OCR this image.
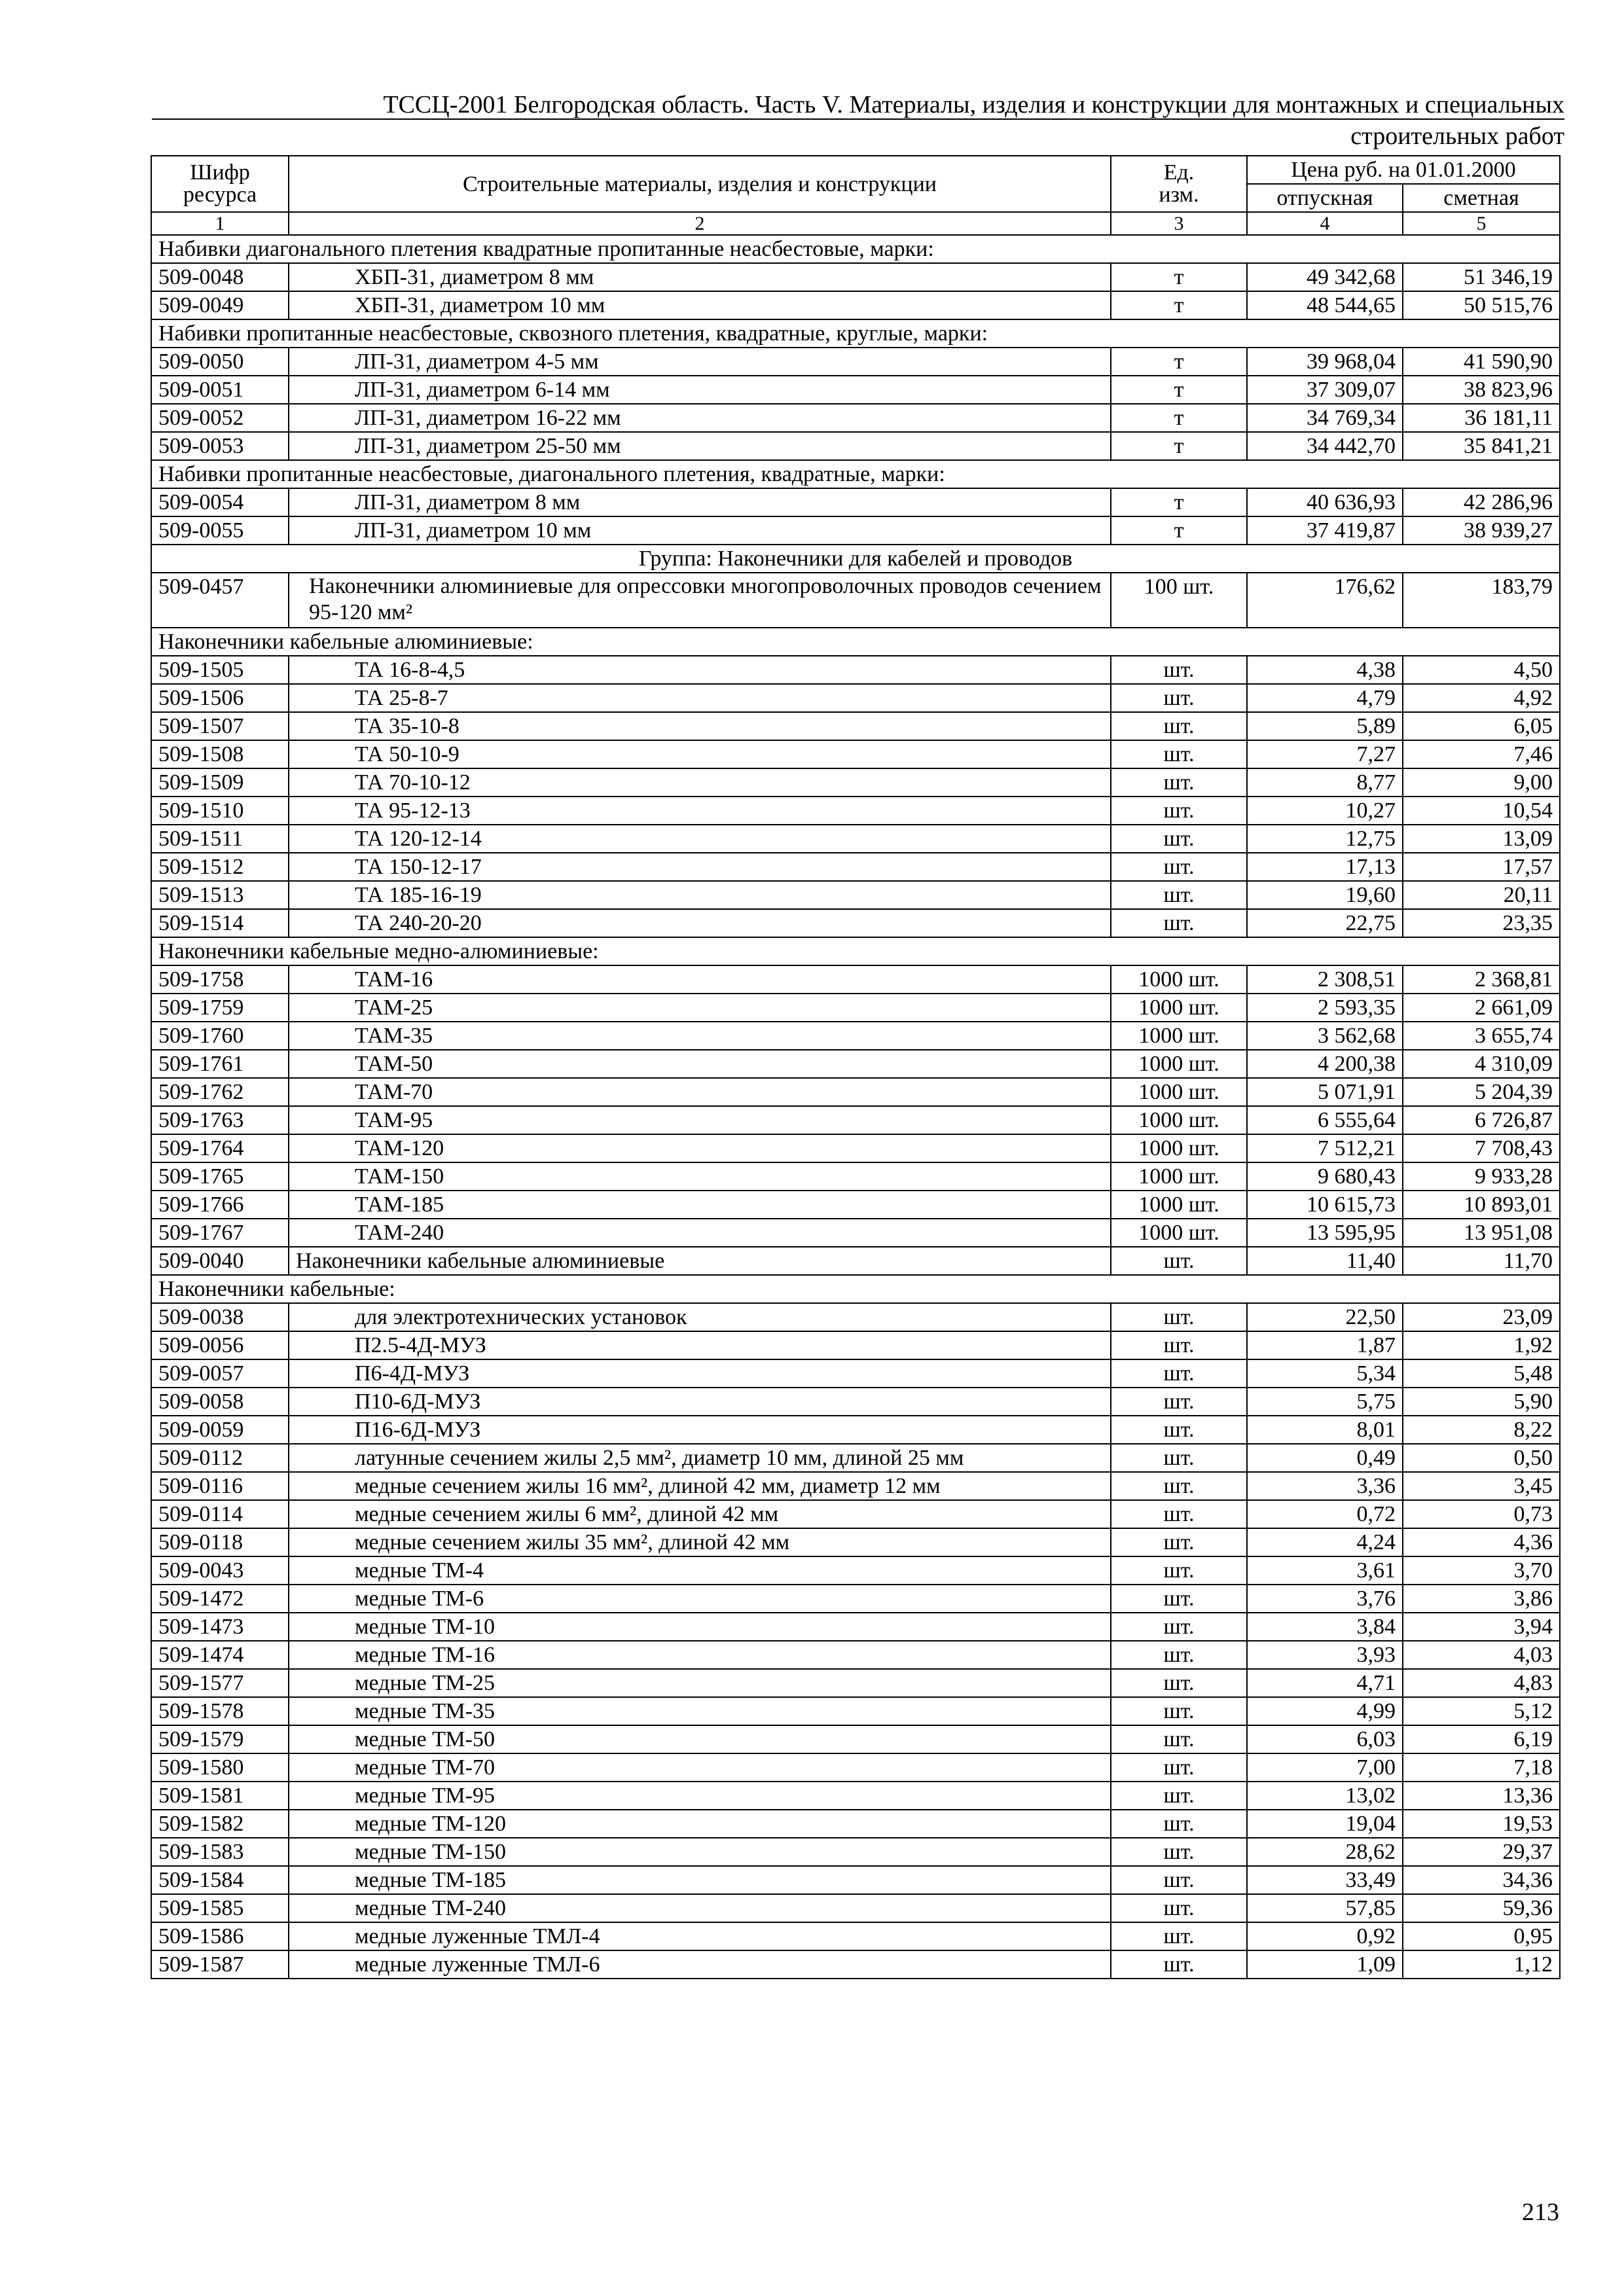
ТССЦ-2001 Белгородская область. Часть V. Материалы, изделия и конструкции для монтажных и специальных
строительных работ
Шифр ресурса	Строительные материалы, изделия и конструкции	Ед. изм.	Цена руб. на 01.01.2000	
			отпускная	сметная
1	2	3	4	5
Набивки диагонального плетения квадратные пропитанные неасбестовые, марки:				
509-0048	ХБП-31, диаметром 8 мм	т	49 342,68	51 346,19
509-0049	ХБП-31, диаметром 10 мм	т	48 544,65	50 515,76
Набивки пропитанные неасбестовые, сквозного плетения, квадратные, круглые, марки:				
509-0050	ЛП-31, диаметром 4-5 мм	т	39 968,04	41 590,90
509-0051	ЛП-31, диаметром 6-14 мм	т	37 309,07	38 823,96
509-0052	ЛП-31, диаметром 16-22 мм	т	34 769,34	36 181,11
509-0053	ЛП-31, диаметром 25-50 мм	т	34 442,70	35 841,21
Набивки пропитанные неасбестовые, диагонального плетения, квадратные, марки:				
509-0054	ЛП-31, диаметром 8 мм	т	40 636,93	42 286,96
509-0055	ЛП-31, диаметром 10 мм	т	37 419,87	38 939,27
Группа: Наконечники для кабелей и проводов				
509-0457	Наконечники алюминиевые для опрессовки многопроволочных проводов сечением 95-120 мм²	100 шт.	176,62	183,79
Наконечники кабельные алюминиевые:				
509-1505	ТА 16-8-4,5	шт.	4,38	4,50
509-1506	ТА 25-8-7	шт.	4,79	4,92
509-1507	ТА 35-10-8	шт.	5,89	6,05
509-1508	ТА 50-10-9	шт.	7,27	7,46
509-1509	ТА 70-10-12	шт.	8,77	9,00
509-1510	ТА 95-12-13	шт.	10,27	10,54
509-1511	ТА 120-12-14	шт.	12,75	13,09
509-1512	ТА 150-12-17	шт.	17,13	17,57
509-1513	ТА 185-16-19	шт.	19,60	20,11
509-1514	ТА 240-20-20	шт.	22,75	23,35
Наконечники кабельные медно-алюминиевые:				
509-1758	ТАМ-16	1000 шт.	2 308,51	2 368,81
509-1759	ТАМ-25	1000 шт.	2 593,35	2 661,09
509-1760	ТАМ-35	1000 шт.	3 562,68	3 655,74
509-1761	ТАМ-50	1000 шт.	4 200,38	4 310,09
509-1762	ТАМ-70	1000 шт.	5 071,91	5 204,39
509-1763	ТАМ-95	1000 шт.	6 555,64	6 726,87
509-1764	ТАМ-120	1000 шт.	7 512,21	7 708,43
509-1765	ТАМ-150	1000 шт.	9 680,43	9 933,28
509-1766	ТАМ-185	1000 шт.	10 615,73	10 893,01
509-1767	ТАМ-240	1000 шт.	13 595,95	13 951,08
509-0040	Наконечники кабельные алюминиевые	шт.	11,40	11,70
Наконечники кабельные:				
509-0038	для электротехнических установок	шт.	22,50	23,09
509-0056	П2.5-4Д-МУЗ	шт.	1,87	1,92
509-0057	П6-4Д-МУЗ	шт.	5,34	5,48
509-0058	П10-6Д-МУЗ	шт.	5,75	5,90
509-0059	П16-6Д-МУЗ	шт.	8,01	8,22
509-0112	латунные сечением жилы 2,5 мм², диаметр 10 мм, длиной 25 мм	шт.	0,49	0,50
509-0116	медные сечением жилы 16 мм², длиной 42 мм, диаметр 12 мм	шт.	3,36	3,45
509-0114	медные сечением жилы 6 мм², длиной 42 мм	шт.	0,72	0,73
509-0118	медные сечением жилы 35 мм², длиной 42 мм	шт.	4,24	4,36
509-0043	медные ТМ-4	шт.	3,61	3,70
509-1472	медные ТМ-6	шт.	3,76	3,86
509-1473	медные ТМ-10	шт.	3,84	3,94
509-1474	медные ТМ-16	шт.	3,93	4,03
509-1577	медные ТМ-25	шт.	4,71	4,83
509-1578	медные ТМ-35	шт.	4,99	5,12
509-1579	медные ТМ-50	шт.	6,03	6,19
509-1580	медные ТМ-70	шт.	7,00	7,18
509-1581	медные ТМ-95	шт.	13,02	13,36
509-1582	медные ТМ-120	шт.	19,04	19,53
509-1583	медные ТМ-150	шт.	28,62	29,37
509-1584	медные ТМ-185	шт.	33,49	34,36
509-1585	медные ТМ-240	шт.	57,85	59,36
509-1586	медные луженные ТМЛ-4	шт.	0,92	0,95
509-1587	медные луженные ТМЛ-6	шт.	1,09	1,12
213
